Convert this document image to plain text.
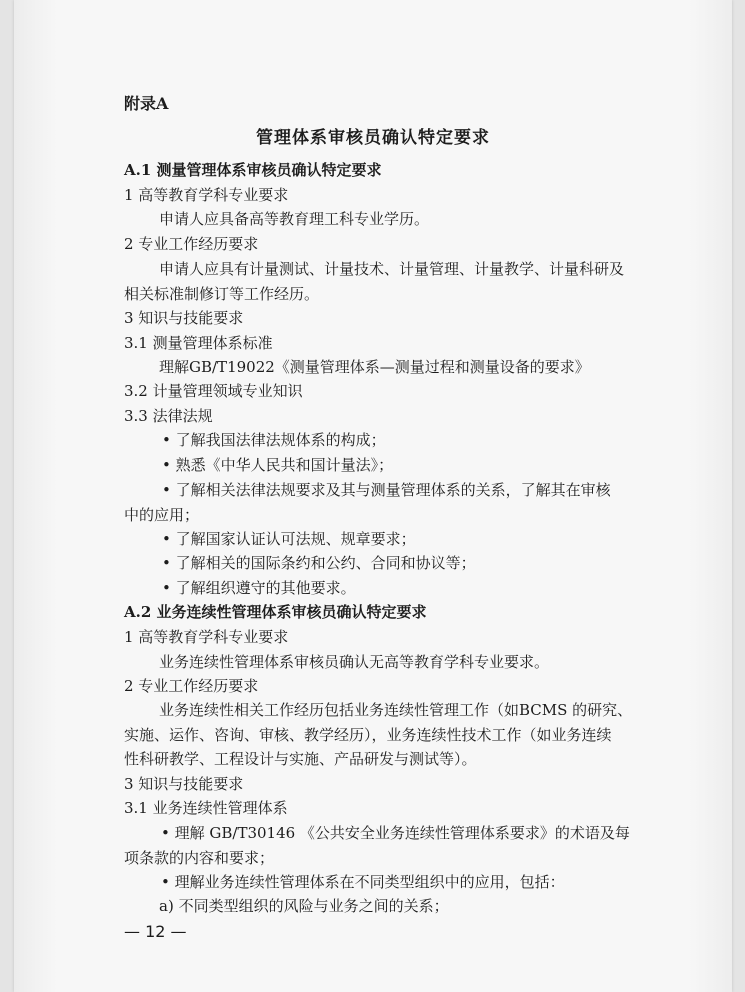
附录A
管理体系审核员确认特定要求
A.1 测量管理体系审核员确认特定要求
1 高等教育学科专业要求
申请人应具备高等教育理工科专业学历。
2 专业工作经历要求
申请人应具有计量测试、计量技术、计量管理、计量教学、计量科研及
相关标准制修订等工作经历。
3 知识与技能要求
3.1 测量管理体系标准
理解GB/T19022《测量管理体系—测量过程和测量设备的要求》
3.2 计量管理领域专业知识
3.3 法律法规
• 了解我国法律法规体系的构成；
• 熟悉《中华人民共和国计量法》；
• 了解相关法律法规要求及其与测量管理体系的关系，了解其在审核
中的应用；
• 了解国家认证认可法规、规章要求；
• 了解相关的国际条约和公约、合同和协议等；
• 了解组织遵守的其他要求。
A.2 业务连续性管理体系审核员确认特定要求
1 高等教育学科专业要求
业务连续性管理体系审核员确认无高等教育学科专业要求。
2 专业工作经历要求
业务连续性相关工作经历包括业务连续性管理工作（如BCMS 的研究、
实施、运作、咨询、审核、教学经历），业务连续性技术工作（如业务连续
性科研教学、工程设计与实施、产品研发与测试等）。
3 知识与技能要求
3.1 业务连续性管理体系
• 理解 GB/T30146 《公共安全业务连续性管理体系要求》的术语及每
项条款的内容和要求；
• 理解业务连续性管理体系在不同类型组织中的应用，包括：
a) 不同类型组织的风险与业务之间的关系；
— 12 —
